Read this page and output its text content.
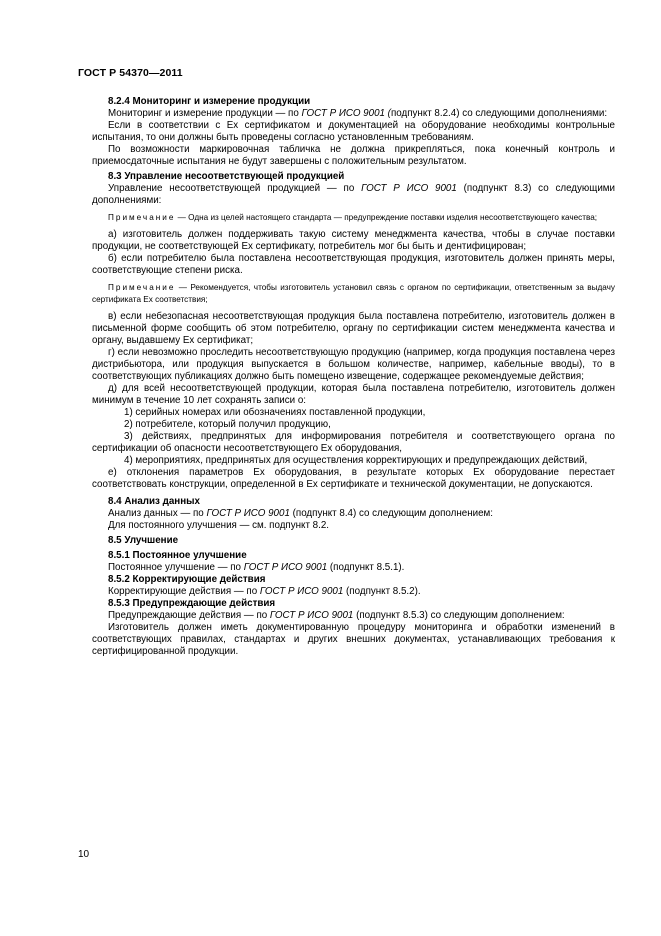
ГОСТ Р 54370—2011

8.2.4 Мониторинг и измерение продукции

Мониторинг и измерение продукции — по ГОСТ Р ИСО 9001 (подпункт 8.2.4) со следующими дополнениями:

Если в соответствии с Ex сертификатом и документацией на оборудование необходимы контрольные испытания, то они должны быть проведены согласно установленным требованиям.

По возможности маркировочная табличка не должна прикрепляться, пока конечный контроль и приемосдаточные испытания не будут завершены с положительным результатом.

8.3 Управление несоответствующей продукцией

Управление несоответствующей продукцией — по ГОСТ Р ИСО 9001 (подпункт 8.3) со следующими дополнениями:

Примечание — Одна из целей настоящего стандарта — предупреждение поставки изделия несоответствующего качества;

а) изготовитель должен поддерживать такую систему менеджмента качества, чтобы в случае поставки продукции, не соответствующей Ex сертификату, потребитель мог бы быть и дентифицирован;

б) если потребителю была поставлена несоответствующая продукция, изготовитель должен принять меры, соответствующие степени риска.

Примечание — Рекомендуется, чтобы изготовитель установил связь с органом по сертификации, ответственным за выдачу сертификата Ex соответствия;

в) если небезопасная несоответствующая продукция была поставлена потребителю, изготовитель должен в письменной форме сообщить об этом потребителю, органу по сертификации систем менеджмента качества и органу, выдавшему Ex сертификат;

г) если невозможно проследить несоответствующую продукцию (например, когда продукция поставлена через дистрибьютора, или продукция выпускается в большом количестве, например, кабельные вводы), то в соответствующих публикациях должно быть помещено извещение, содержащее рекомендуемые действия;

д) для всей несоответствующей продукции, которая была поставлена потребителю, изготовитель должен минимум в течение 10 лет сохранять записи о:

1) серийных номерах или обозначениях поставленной продукции,

2) потребителе, который получил продукцию,

3) действиях, предпринятых для информирования потребителя и соответствующего органа по сертификации об опасности несоответствующего Ex оборудования,

4) мероприятиях, предпринятых для осуществления корректирующих и предупреждающих действий,

е) отклонения параметров Ex оборудования, в результате которых Ex оборудование перестает соответствовать конструкции, определенной в Ex сертификате и технической документации, не допускаются.

8.4 Анализ данных

Анализ данных — по ГОСТ Р ИСО 9001 (подпункт 8.4) со следующим дополнением:

Для постоянного улучшения — см. подпункт 8.2.

8.5 Улучшение

8.5.1 Постоянное улучшение

Постоянное улучшение — по ГОСТ Р ИСО 9001 (подпункт 8.5.1).

8.5.2 Корректирующие действия

Корректирующие действия — по ГОСТ Р ИСО 9001 (подпункт 8.5.2).

8.5.3 Предупреждающие действия

Предупреждающие действия — по ГОСТ Р ИСО 9001 (подпункт 8.5.3) со следующим дополнением:

Изготовитель должен иметь документированную процедуру мониторинга и обработки изменений в соответствующих правилах, стандартах и других внешних документах, устанавливающих требования к сертифицированной продукции.

10
